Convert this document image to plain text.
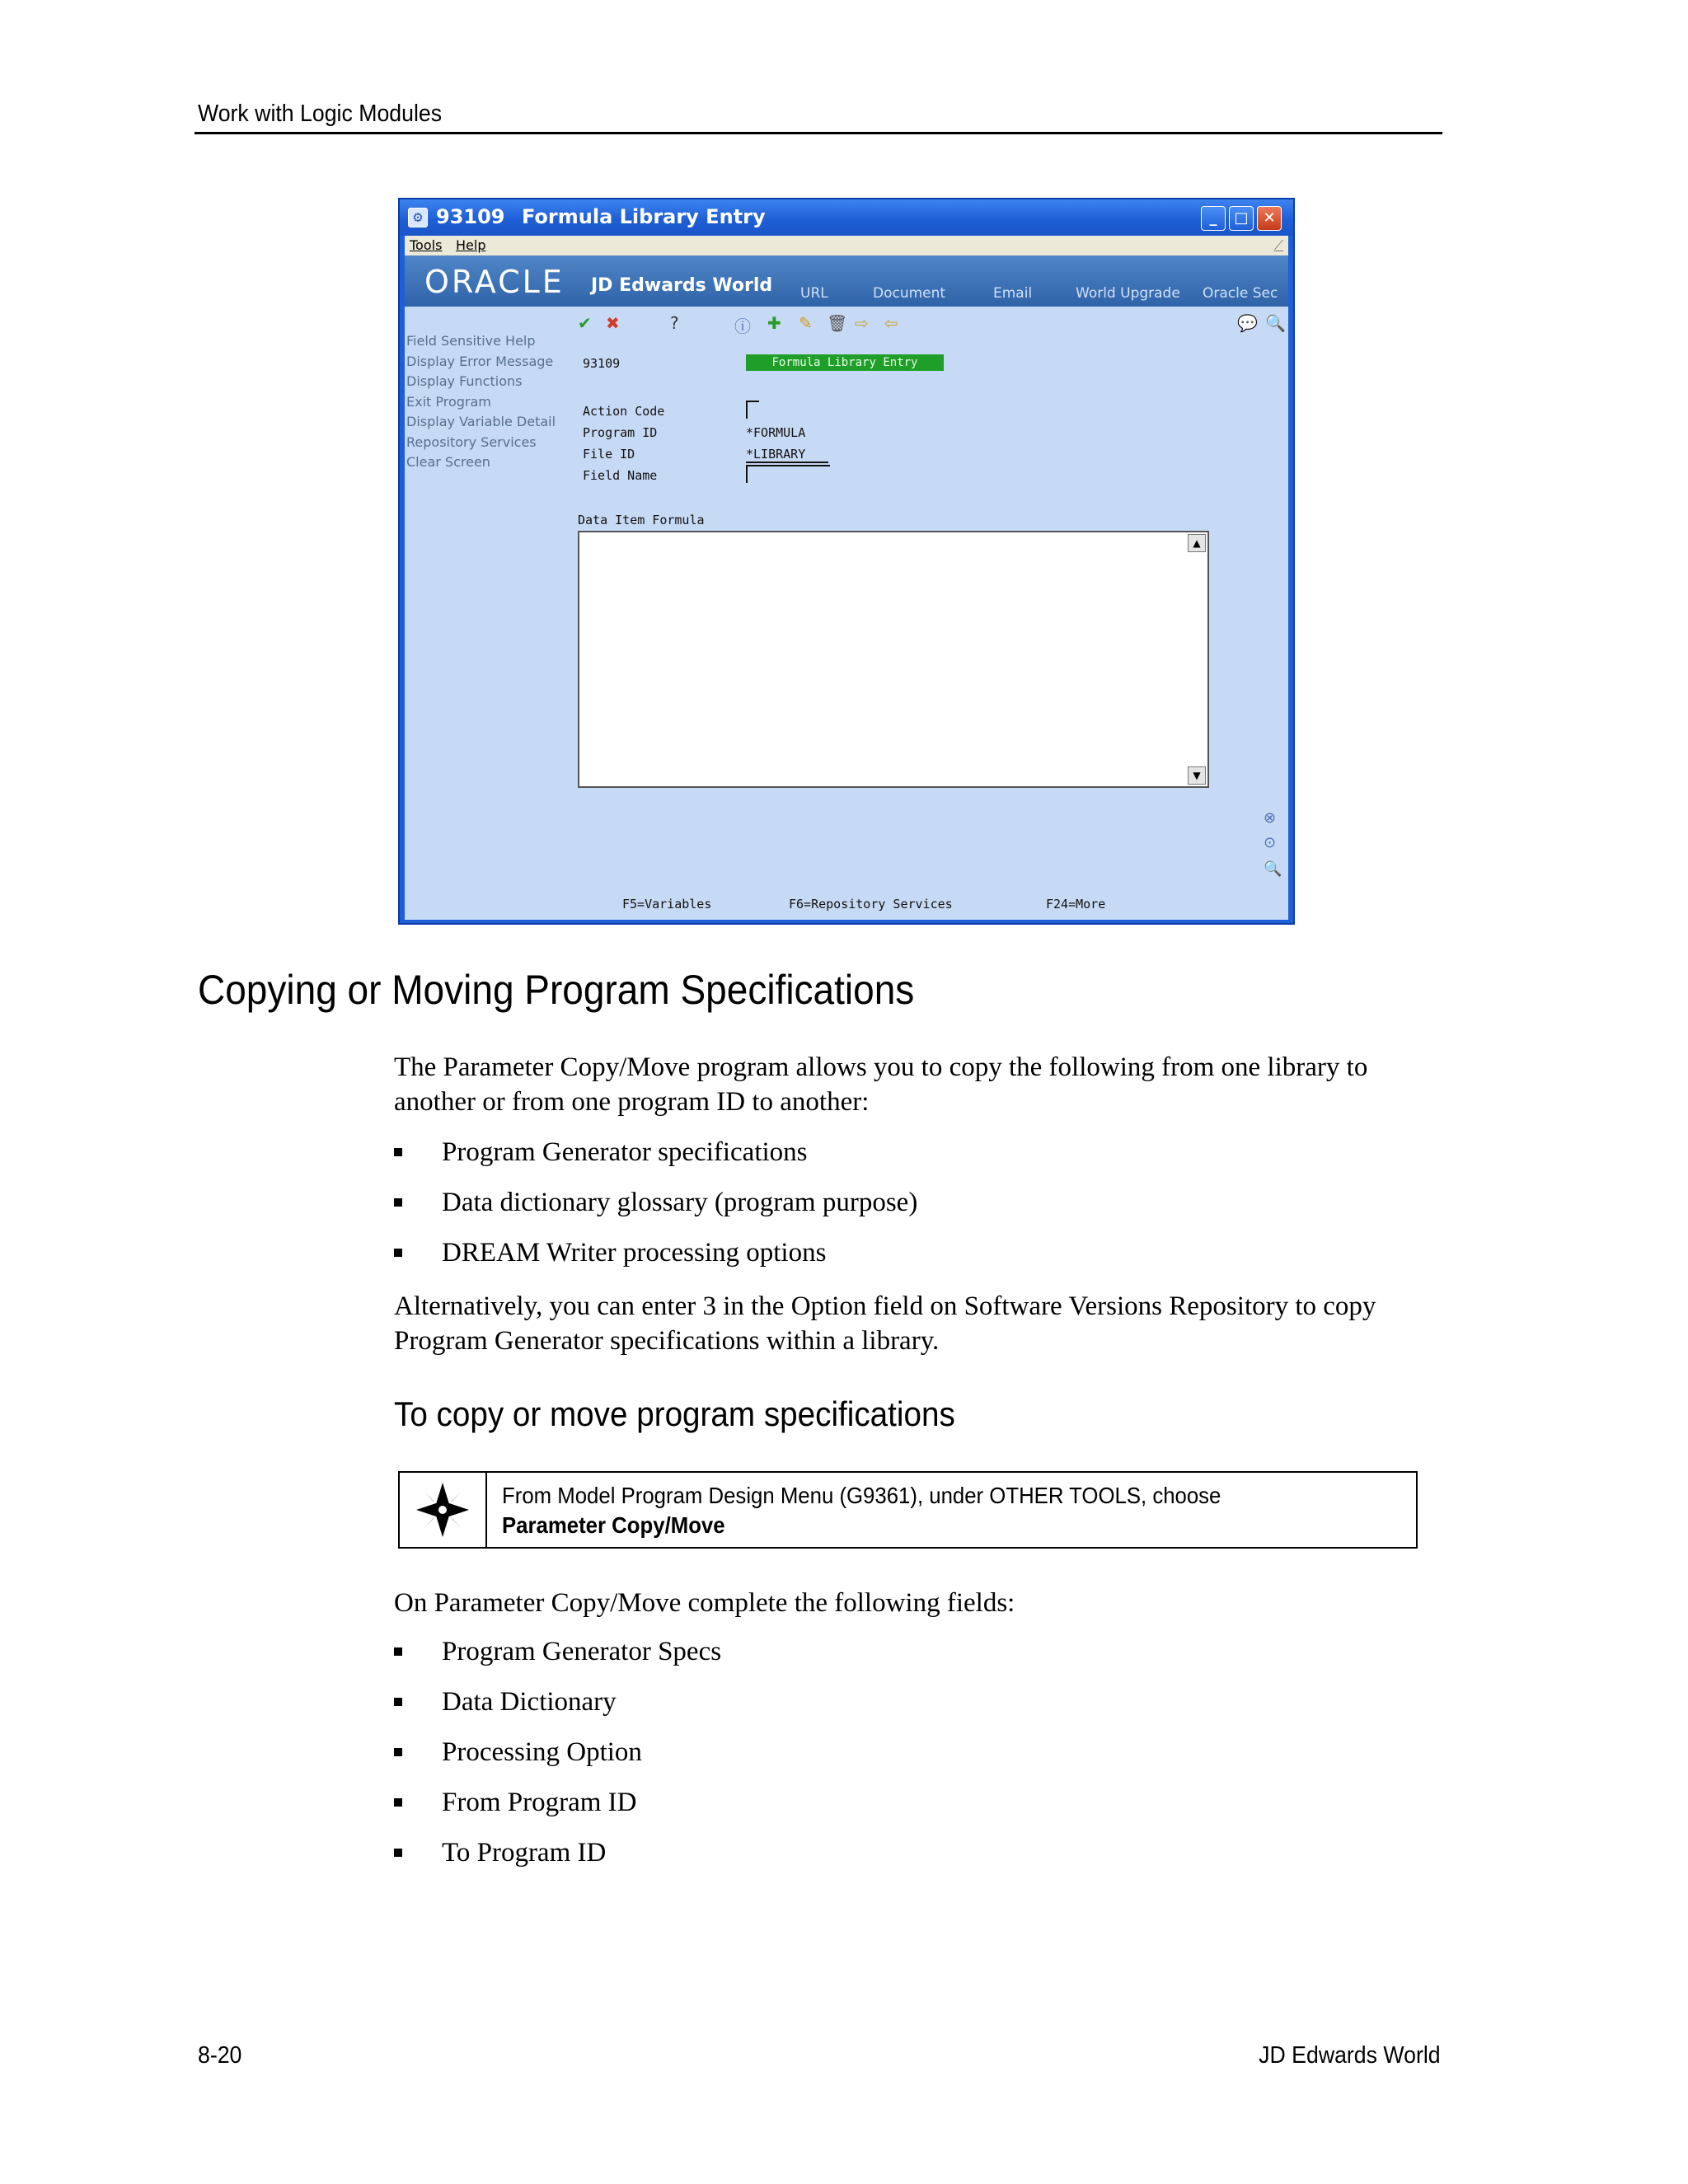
Work with Logic Modules
⚙ 93109 Formula Library Entry	_	□ ✕
Tools Help	⟋
ORACLE JD Edwards World URL	Document	Email	World Upgrade Oracle Sec
Field Sensitive Help
Display Error Message
Display Functions
Exit Program
Display Variable Detail
Repository Services
Clear Screen
✔ ✖	?	ⓘ ✚ ✎ 🗑 ⇨ ⇦	💬 🔍
93109	Formula Library Entry
Action Code
Program ID	*FORMULA
File ID	*LIBRARY
Field Name
Data Item Formula
▲
▼
⊗
⊙
🔍
F5=Variables	F6=Repository Services	F24=More
Copying or Moving Program Specifications
The Parameter Copy/Move program allows you to copy the following from one library to another or from one program ID to another:
Program Generator specifications
Data dictionary glossary (program purpose)
DREAM Writer processing options
Alternatively, you can enter 3 in the Option field on Software Versions Repository to copy Program Generator specifications within a library.
To copy or move program specifications
From Model Program Design Menu (G9361), under OTHER TOOLS, choose Parameter Copy/Move
On Parameter Copy/Move complete the following fields:
Program Generator Specs
Data Dictionary
Processing Option
From Program ID
To Program ID
8-20	JD Edwards World
